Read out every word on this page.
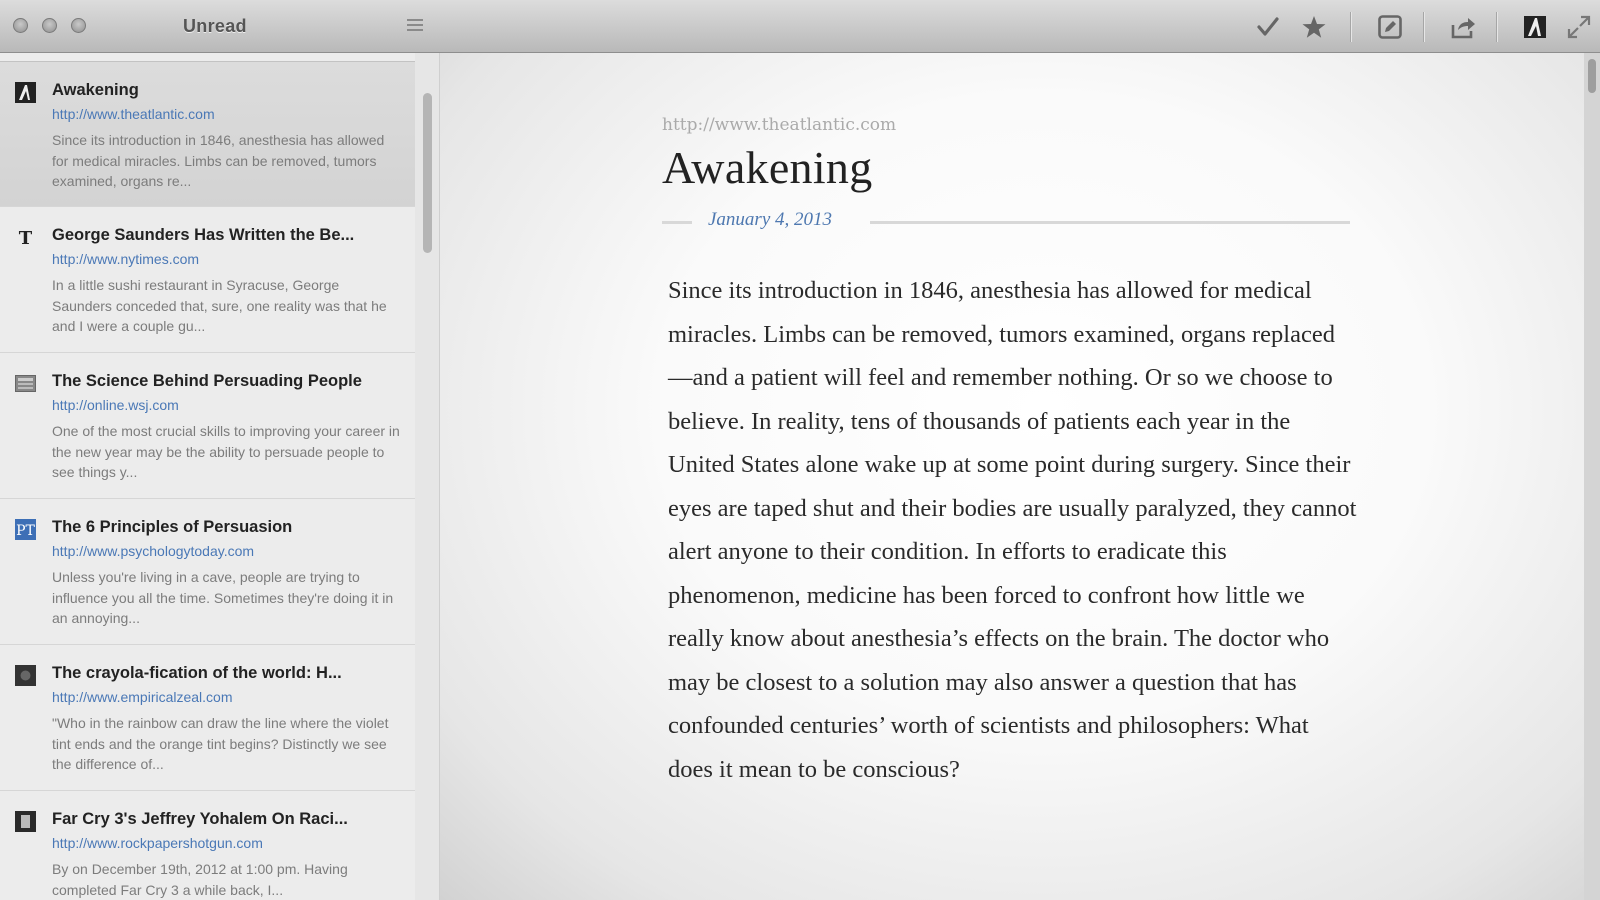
Unread
Awakening
http://www.theatlantic.com
Since its introduction in 1846, anesthesia has allowed for medical miracles. Limbs can be removed, tumors examined, organs re...
T George Saunders Has Written the Be...
http://www.nytimes.com
In a little sushi restaurant in Syracuse, George Saunders conceded that, sure, one reality was that he and I were a couple gu...
The Science Behind Persuading People
http://online.wsj.com
One of the most crucial skills to improving your career in the new year may be the ability to persuade people to see things y...
PT The 6 Principles of Persuasion
http://www.psychologytoday.com
Unless you're living in a cave, people are trying to influence you all the time. Sometimes they're doing it in an annoying...
The crayola-fication of the world: H...
http://www.empiricalzeal.com
"Who in the rainbow can draw the line where the violet tint ends and the orange tint begins? Distinctly we see the difference of...
Far Cry 3's Jeffrey Yohalem On Raci...
http://www.rockpapershotgun.com
By on December 19th, 2012 at 1:00 pm. Having completed Far Cry 3 a while back, I...
http://www.theatlantic.com
Awakening
January 4, 2013

Since its introduction in 1846, anesthesia has allowed for medical miracles. Limbs can be removed, tumors examined, organs replaced—and a patient will feel and remember nothing. Or so we choose to believe. In reality, tens of thousands of patients each year in the United States alone wake up at some point during surgery. Since their eyes are taped shut and their bodies are usually paralyzed, they cannot alert anyone to their condition. In efforts to eradicate this phenomenon, medicine has been forced to confront how little we really know about anesthesia’s effects on the brain. The doctor who may be closest to a solution may also answer a question that has confounded centuries’ worth of scientists and philosophers: What does it mean to be conscious?
